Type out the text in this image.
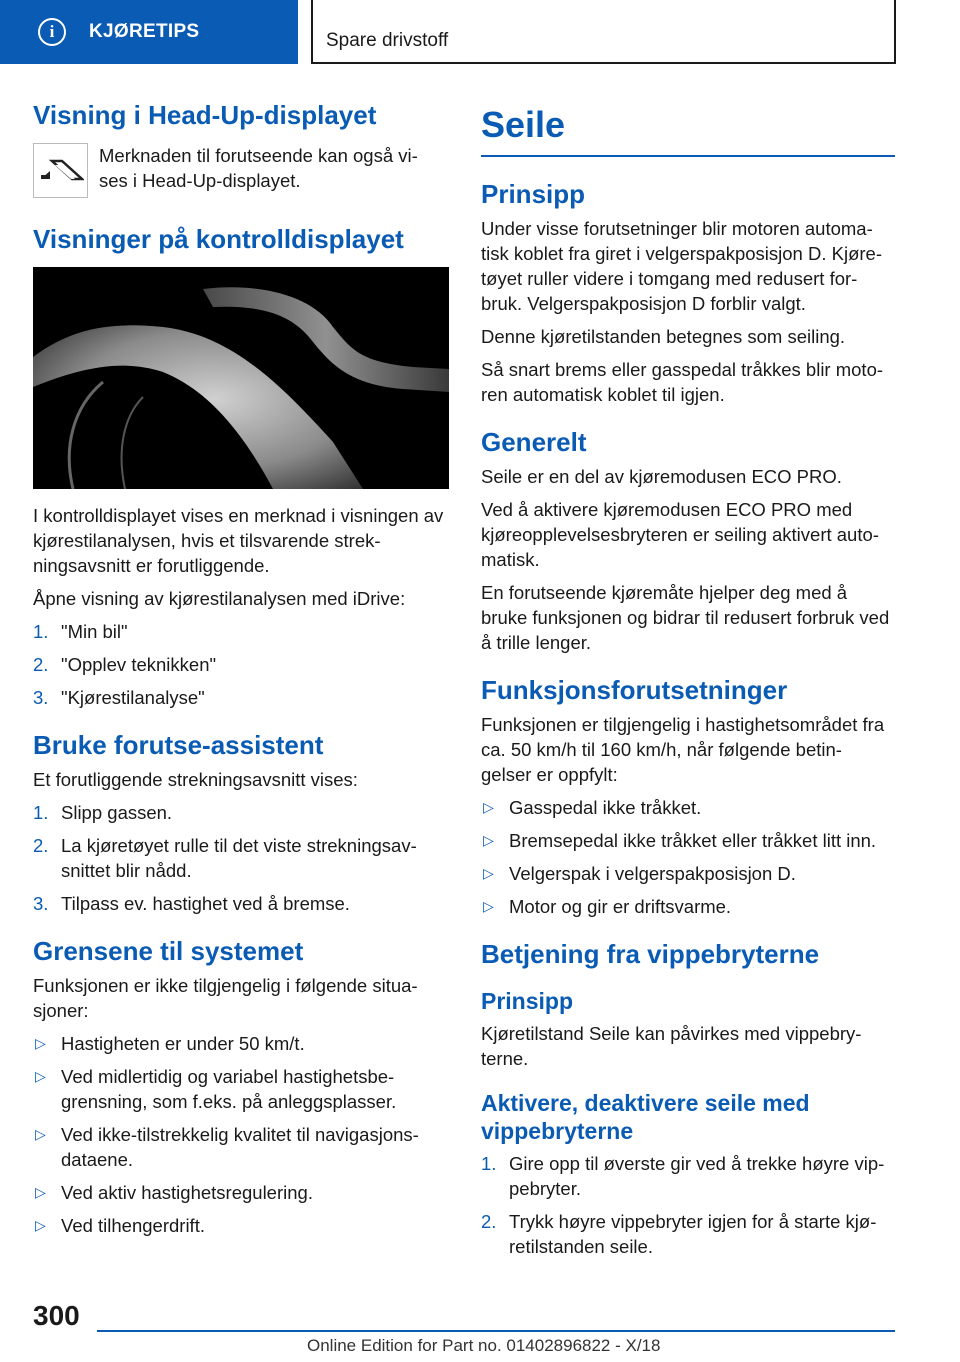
i	KJØRETIPS	Spare drivstoff
Visning i Head-Up-displayet

Merknaden til forutseende kan også vi- ses i Head-Up-displayet.

Visninger på kontrolldisplayet

I kontrolldisplayet vises en merknad i visningen av kjørestilanalysen, hvis et tilsvarende strek- ningsavsnitt er forutliggende.

Åpne visning av kjørestilanalysen med iDrive:

1. "Min bil"
2. "Opplev teknikken"
3. "Kjørestilanalyse"
Bruke forutse-assistent

Et forutliggende strekningsavsnitt vises:

1. Slipp gassen.
2. La kjøretøyet rulle til det viste strekningsav- snittet blir nådd.
3. Tilpass ev. hastighet ved å bremse.
Grensene til systemet

Funksjonen er ikke tilgjengelig i følgende situa- sjoner:

▷ Hastigheten er under 50 km/t.
▷ Ved midlertidig og variabel hastighetsbe- grensning, som f.eks. på anleggsplasser.
▷ Ved ikke-tilstrekkelig kvalitet til navigasjons- dataene.
▷ Ved aktiv hastighetsregulering.
▷ Ved tilhengerdrift.
Seile
Prinsipp

Under visse forutsetninger blir motoren automa- tisk koblet fra giret i velgerspakposisjon D. Kjøre- tøyet ruller videre i tomgang med redusert for- bruk. Velgerspakposisjon D forblir valgt.

Denne kjøretilstanden betegnes som seiling.

Så snart brems eller gasspedal tråkkes blir moto- ren automatisk koblet til igjen.

Generelt

Seile er en del av kjøremodusen ECO PRO.

Ved å aktivere kjøremodusen ECO PRO med kjøreopplevelsesbryteren er seiling aktivert auto- matisk.

En forutseende kjøremåte hjelper deg med å bruke funksjonen og bidrar til redusert forbruk ved å trille lenger.

Funksjonsforutsetninger

Funksjonen er tilgjengelig i hastighetsområdet fra ca. 50 km/h til 160 km/h, når følgende betin- gelser er oppfylt:

▷ Gasspedal ikke tråkket.
▷ Bremsepedal ikke tråkket eller tråkket litt inn.
▷ Velgerspak i velgerspakposisjon D.
▷ Motor og gir er driftsvarme.
Betjening fra vippebryterne
Prinsipp

Kjøretilstand Seile kan påvirkes med vippebry- terne.

Aktivere, deaktivere seile med vippebryterne
1. Gire opp til øverste gir ved å trekke høyre vip- pebryter.
2. Trykk høyre vippebryter igjen for å starte kjø- retilstanden seile.
300
Online Edition for Part no. 01402896822 - X/18
